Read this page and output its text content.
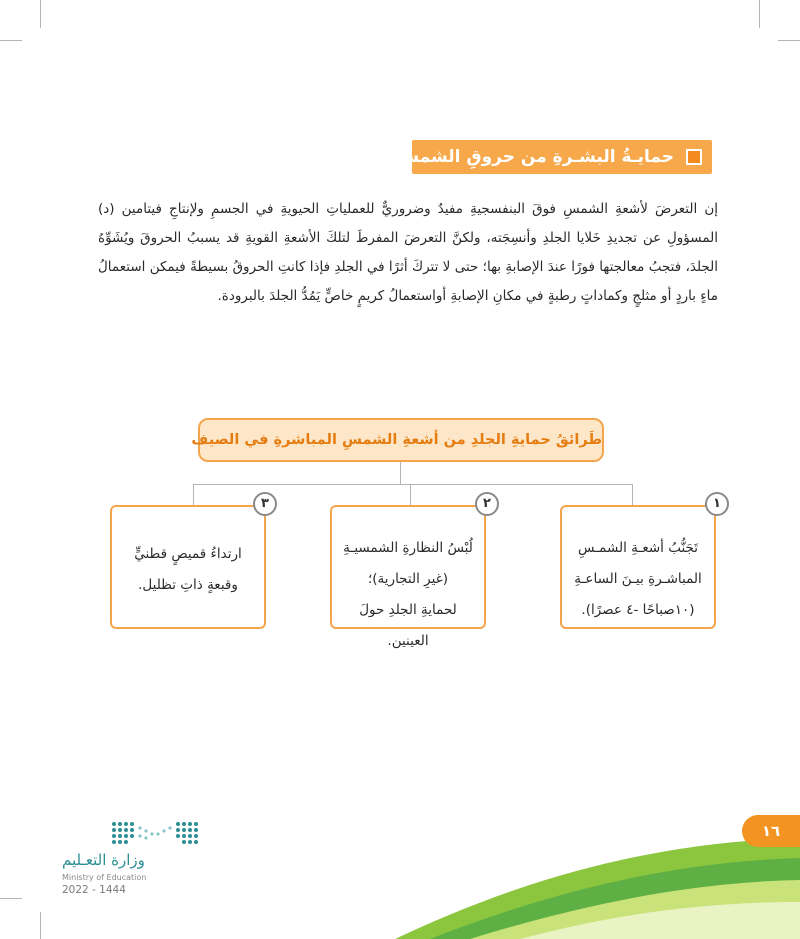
حمايـةُ البشـرةِ من حروقِ الشمسِ:
إن التعرضَ لأشعةِ الشمسِ فوقَ البنفسجيةِ مفيدٌ وضروريٌّ للعملياتِ الحيويةِ في الجسمِ ولإنتاجِ فيتامين (د) المسؤولِ عن تجديدِ خَلايا الجلدِ وأنسِجَته، ولكنَّ التعرضَ المفرطَ لتلكَ الأشعةِ القويةِ قد يسببُ الحروقَ ويُشَوِّهُ الجلدَ، فتجبُ معالجتها فورًا عندَ الإصابةِ بها؛ حتى لا تتركَ أثرًا في الجلدِ فإذا كانتِ الحروقُ بسيطةً فيمكن استعمالُ ماءٍ باردٍ أو مثلجٍ وكماداتٍ رطبةٍ في مكانِ الإصابةِ أواستعمالُ كريمٍ خاصٍّ يَمُدُّ الجلدَ بالبرودة.
طَرائقُ حمايةِ الجلدِ من أشعةِ الشمسِ المباشرةِ في الصيف
تَجَنُّبُ أشعـةِ الشمـسِ
المباشـرةِ بيـنَ الساعـةِ
(١٠صباحًا -٤ عصرًا).
١
لُبْسُ النظارةِ الشمسيـةِ
(غيرِ التجارية)؛
لحمايةِ الجلدِ حولَ العينين.
٢
ارتداءُ قميصٍ قطنيٍّ
وقبعةٍ ذاتِ تظليل.
٣
١٦
وزارة التعـليم
Ministry of Education
2022 - 1444
